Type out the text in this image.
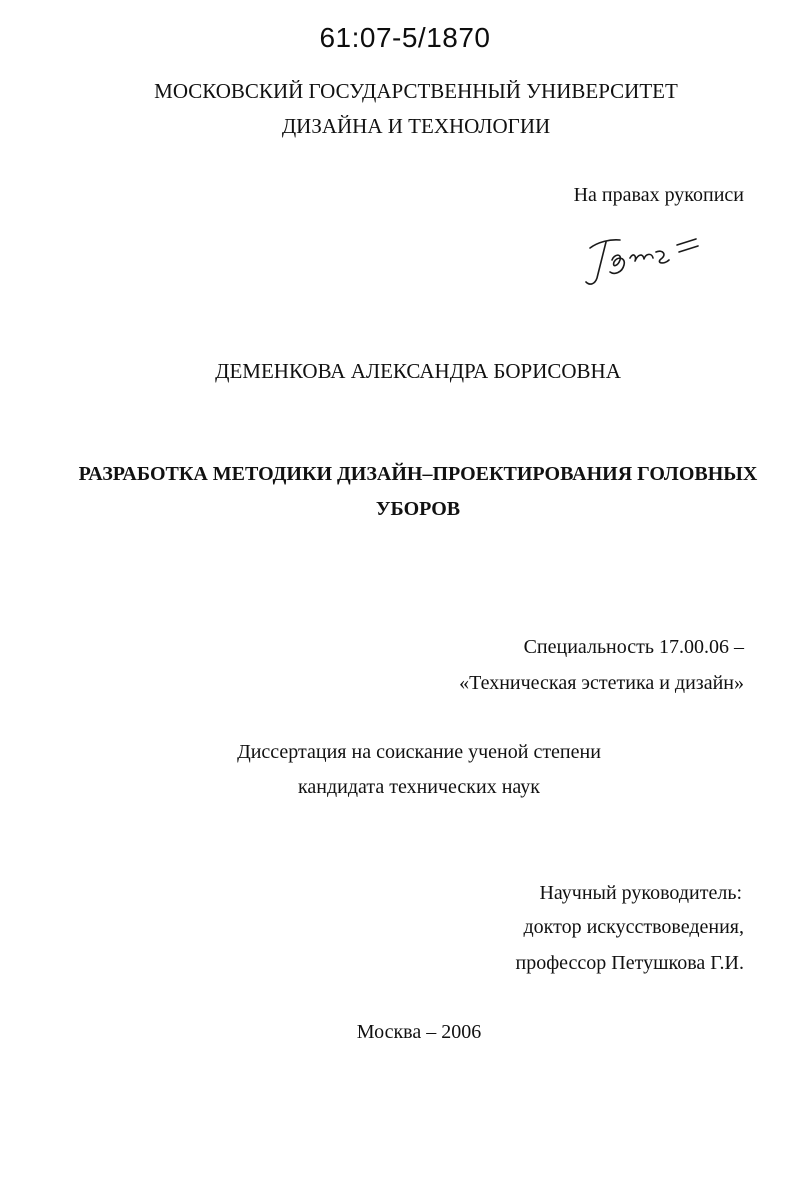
61:07-5/1870
МОСКОВСКИЙ ГОСУДАРСТВЕННЫЙ УНИВЕРСИТЕТ
ДИЗАЙНА И ТЕХНОЛОГИИ
На правах рукописи
ДЕМЕНКОВА АЛЕКСАНДРА БОРИСОВНА
РАЗРАБОТКА МЕТОДИКИ ДИЗАЙН–ПРОЕКТИРОВАНИЯ ГОЛОВНЫХ
УБОРОВ
Специальность 17.00.06 –
«Техническая эстетика и дизайн»
Диссертация на соискание ученой степени
кандидата технических наук
Научный руководитель:
доктор искусствоведения,
профессор Петушкова Г.И.
Москва – 2006
